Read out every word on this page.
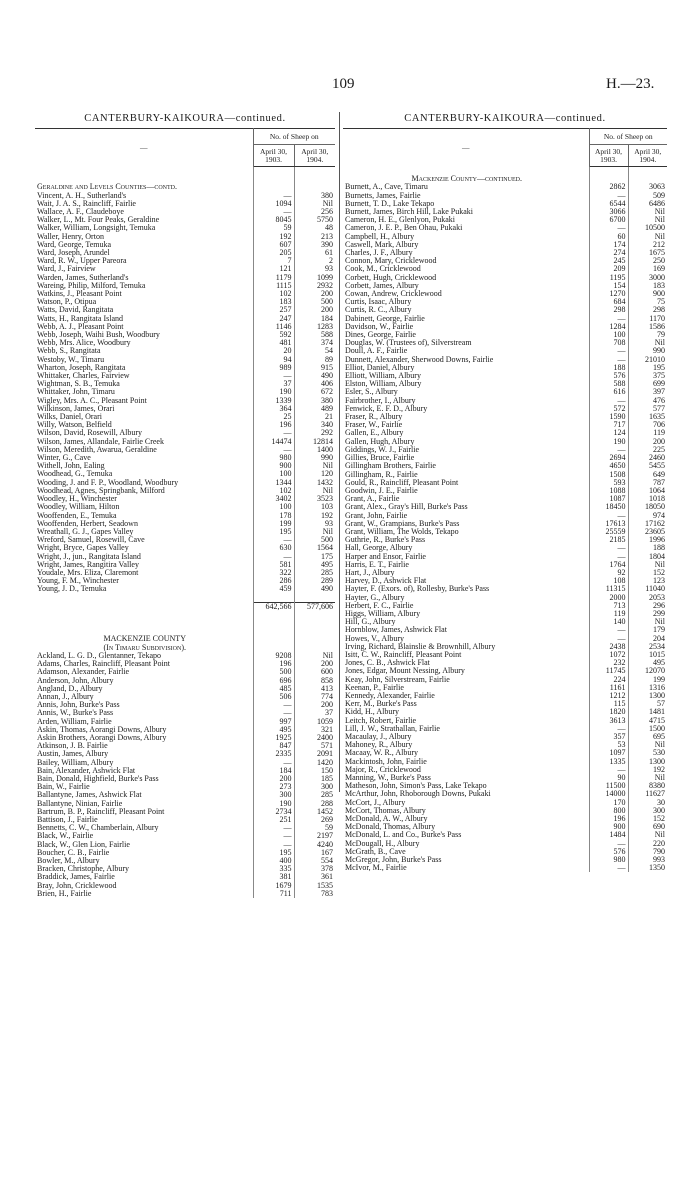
109	H.—23.
CANTERBURY-KAIKOURA—continued.
—	No. of Sheep on	
	April 30, 1903.	April 30, 1904.

Geraldine and Levels Counties—contd.		
Vincent, A. H., Sutherland's	—	380
Wait, J. A. S., Raincliff, Fairlie	1094	Nil
Wallace, A. F., Claudeboye	—	256
Walker, L., Mt. Four Peaks, Geraldine	8045	5750
Walker, William, Longsight, Temuka	59	48
Waller, Henry, Orton	192	213
Ward, George, Temuka	607	390
Ward, Joseph, Arundel	205	61
Ward, R. W., Upper Pareora	7	2
Ward, J., Fairview	121	93
Warden, James, Sutherland's	1179	1099
Wareing, Philip, Milford, Temuka	1115	2932
Watkins, J., Pleasant Point	102	200
Watson, P., Otipua	183	500
Watts, David, Rangitata	257	200
Watts, H., Rangitata Island	247	184
Webb, A. J., Pleasant Point	1146	1283
Webb, Joseph, Waihi Bush, Woodbury	592	588
Webb, Mrs. Alice, Woodbury	481	374
Webb, S., Rangitata	20	54
Westoby, W., Timaru	94	89
Wharton, Joseph, Rangitata	989	915
Whittaker, Charles, Fairview	—	490
Wightman, S. B., Temuka	37	406
Whittaker, John, Timaru	190	672
Wigley, Mrs. A. C., Pleasant Point	1339	380
Wilkinson, James, Orari	364	489
Wilks, Daniel, Orari	25	21
Willy, Watson, Belfield	196	340
Wilson, David, Rosewill, Albury	—	292
Wilson, James, Allandale, Fairlie Creek	14474	12814
Wilson, Meredith, Awarua, Geraldine	—	1400
Winter, G., Cave	980	990
Withell, John, Ealing	900	Nil
Woodhead, G., Temuka	100	120
Wooding, J. and F. P., Woodland, Woodbury	1344	1432
Woodhead, Agnes, Springbank, Milford	102	Nil
Woodley, H., Winchester	3402	3523
Woodley, William, Hilton	100	103
Wooffenden, E., Temuka	178	192
Wooffenden, Herbert, Seadown	199	93
Wreathall, G. J., Gapes Valley	195	Nil
Wreford, Samuel, Rosewill, Cave	—	500
Wright, Bryce, Gapes Valley	630	1564
Wright, J., jun., Rangitata Island	—	175
Wright, James, Rangitira Valley	581	495
Youdale, Mrs. Eliza, Claremont	322	285
Young, F. M., Winchester	286	289
Young, J. D., Temuka	459	490

	642,566	577,606

MACKENZIE COUNTY		
(In Timaru Subdivision).		
Ackland, L. G. D., Glentanner, Tekapo	9208	Nil
Adams, Charles, Raincliff, Pleasant Point	196	200
Adamson, Alexander, Fairlie	500	600
Anderson, John, Albury	696	858
Angland, D., Albury	485	413
Annan, J., Albury	506	774
Annis, John, Burke's Pass	—	200
Annis, W., Burke's Pass	—	37
Arden, William, Fairlie	997	1059
Askin, Thomas, Aorangi Downs, Albury	495	321
Askin Brothers, Aorangi Downs, Albury	1925	2400
Atkinson, J. B. Fairlie	847	571
Austin, James, Albury	2335	2091
Bailey, William, Albury	—	1420
Bain, Alexander, Ashwick Flat	184	150
Bain, Donald, Highfield, Burke's Pass	200	185
Bain, W., Fairlie	273	300
Ballantyne, James, Ashwick Flat	300	285
Ballantyne, Ninian, Fairlie	190	288
Bartrum, B. P., Raincliff, Pleasant Point	2734	1452
Battison, J., Fairlie	251	269
Bennetts, C. W., Chamberlain, Albury	—	59
Black, W., Fairlie	—	2197
Black, W., Glen Lion, Fairlie	—	4240
Boucher, C. B., Fairlie	195	167
Bowler, M., Albury	400	554
Bracken, Christophe, Albury	335	378
Braddick, James, Fairlie	381	361
Bray, John, Cricklewood	1679	1535
Brien, H., Fairlie	711	783
CANTERBURY-KAIKOURA—continued.
—	No. of Sheep on	
	April 30, 1903.	April 30, 1904.

Mackenzie County—continued.		
Burnett, A., Cave, Timaru	2862	3063
Burnetts, James, Fairlie	—	509
Burnett, T. D., Lake Tekapo	6544	6486
Burnett, James, Birch Hill, Lake Pukaki	3066	Nil
Cameron, H. E., Glenlyon, Pukaki	6700	Nil
Cameron, J. E. P., Ben Ohau, Pukaki	—	10500
Campbell, H., Albury	60	Nil
Caswell, Mark, Albury	174	212
Charles, J. F., Albury	274	1675
Connon, Mary, Cricklewood	245	250
Cook, M., Cricklewood	209	169
Corbett, Hugh, Cricklewood	1195	3000
Corbett, James, Albury	154	183
Cowan, Andrew, Cricklewood	1270	900
Curtis, Isaac, Albury	684	75
Curtis, R. C., Albury	298	298
Dabinett, George, Fairlie	—	1170
Davidson, W., Fairlie	1284	1586
Dines, George, Fairlie	100	79
Douglas, W. (Trustees of), Silverstream	708	Nil
Doull, A. F., Fairlie	—	990
Dunnett, Alexander, Sherwood Downs, Fairlie	—	21010
Elliot, Daniel, Albury	188	195
Elliott, William, Albury	576	375
Elston, William, Albury	588	699
Esler, S., Albury	616	397
Fairbrother, I., Albury	—	476
Fenwick, E. F. D., Albury	572	577
Fraser, R., Albury	1590	1635
Fraser, W., Fairlie	717	706
Gallen, E., Albury	124	119
Gallen, Hugh, Albury	190	200
Giddings, W. J., Fairlie	—	225
Gillies, Bruce, Fairlie	2694	2460
Gillingham Brothers, Fairlie	4650	5455
Gillingham, R., Fairlie	1508	649
Gould, R., Raincliff, Pleasant Point	593	787
Goodwin, J. E., Fairlie	1088	1064
Grant, A., Fairlie	1087	1018
Grant, Alex., Gray's Hill, Burke's Pass	18450	18050
Grant, John, Fairlie	—	974
Grant, W., Grampians, Burke's Pass	17613	17162
Grant, William, The Wolds, Tekapo	25559	23605
Guthrie, R., Burke's Pass	2185	1996
Hall, George, Albury	—	188
Harper and Ensor, Fairlie	—	1804
Harris, E. T., Fairlie	1764	Nil
Hart, J., Albury	92	152
Harvey, D., Ashwick Flat	108	123
Hayter, F. (Exors. of), Rollesby, Burke's Pass	11315	11040
Hayter, G., Albury	2000	2053
Herbert, F. C., Fairlie	713	296
Higgs, William, Albury	119	299
Hill, G., Albury	140	Nil
Hornblow, James, Ashwick Flat	—	179
Howes, V., Albury	—	204
Irving, Richard, Blainslie & Brownhill, Albury	2438	2534
Isitt, C. W., Raincliff, Pleasant Point	1072	1015
Jones, C. B., Ashwick Flat	232	495
Jones, Edgar, Mount Nessing, Albury	11745	12070
Keay, John, Silverstream, Fairlie	224	199
Keenan, P., Fairlie	1161	1316
Kennedy, Alexander, Fairlie	1212	1300
Kerr, M., Burke's Pass	115	57
Kidd, H., Albury	1820	1481
Leitch, Robert, Fairlie	3613	4715
Lill, J. W., Strathallan, Fairlie	—	1500
Macaulay, J., Albury	357	695
Mahoney, R., Albury	53	Nil
Macaay, W. R., Albury	1097	530
Mackintosh, John, Fairlie	1335	1300
Major, R., Cricklewood	—	192
Manning, W., Burke's Pass	90	Nil
Matheson, John, Simon's Pass, Lake Tekapo	11500	8380
McArthur, John, Rhoborough Downs, Pukaki	14000	11627
McCort, J., Albury	170	30
McCort, Thomas, Albury	800	300
McDonald, A. W., Albury	196	152
McDonald, Thomas, Albury	900	690
McDonald, L. and Co., Burke's Pass	1484	Nil
McDougall, H., Albury	—	220
McGrath, B., Cave	576	790
McGregor, John, Burke's Pass	980	993
McIvor, M., Fairlie	—	1350
